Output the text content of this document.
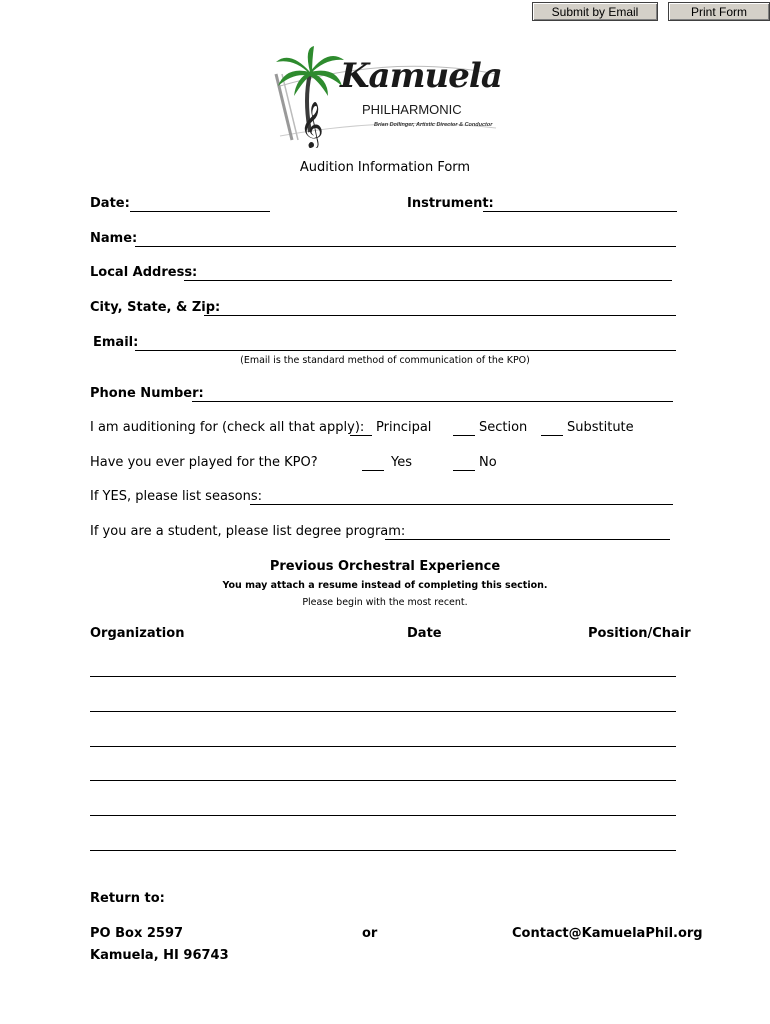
Submit by Email	Print Form
𝄞
Kamuela
PHILHARMONIC
Brian Dollinger, Artistic Director & Conductor
Audition Information Form
Date:	Instrument:
Name:
Local Address:
City, State, & Zip:
Email:
(Email is the standard method of communication of the KPO)
Phone Number:
I am auditioning for (check all that apply): Principal	Section	Substitute
Have you ever played for the KPO?	Yes	No
If YES, please list seasons:
If you are a student, please list degree program:
Previous Orchestral Experience
You may attach a resume instead of completing this section.
Please begin with the most recent.
Organization	Date	Position/Chair
Return to:
PO Box 2597
Kamuela, HI 96743
or	Contact@KamuelaPhil.org
